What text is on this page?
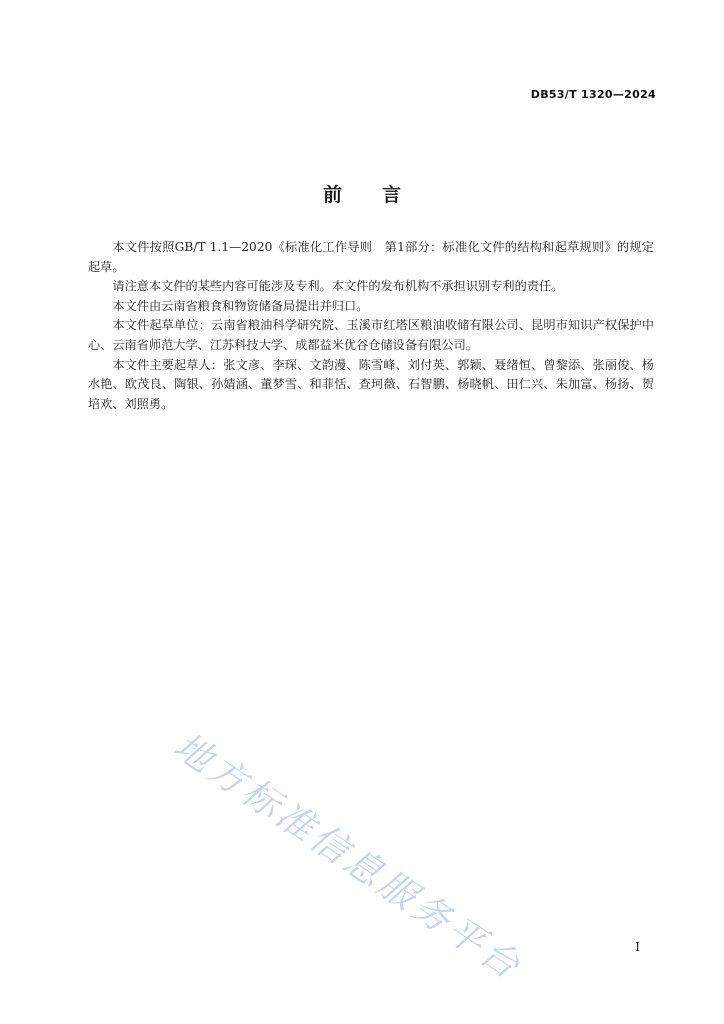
DB53/T 1320—2024
前言

本文件按照GB/T 1.1—2020《标准化工作导则　第1部分：标准化文件的结构和起草规则》的规定起草。

请注意本文件的某些内容可能涉及专利。本文件的发布机构不承担识别专利的责任。

本文件由云南省粮食和物资储备局提出并归口。

本文件起草单位：云南省粮油科学研究院、玉溪市红塔区粮油收储有限公司、昆明市知识产权保护中心、云南省师范大学、江苏科技大学、成都益米优谷仓储设备有限公司。

本文件主要起草人：张文彦、李琛、文韵漫、陈雪峰、刘付英、郭颖、聂绪恒、曾黎添、张丽俊、杨水艳、欧茂良、陶银、孙婧涵、董梦雪、和菲恬、查珂薇、石智鹏、杨晓帆、田仁兴、朱加富、杨扬、贺培欢、刘照勇。

地方标准信息服务平台	I
